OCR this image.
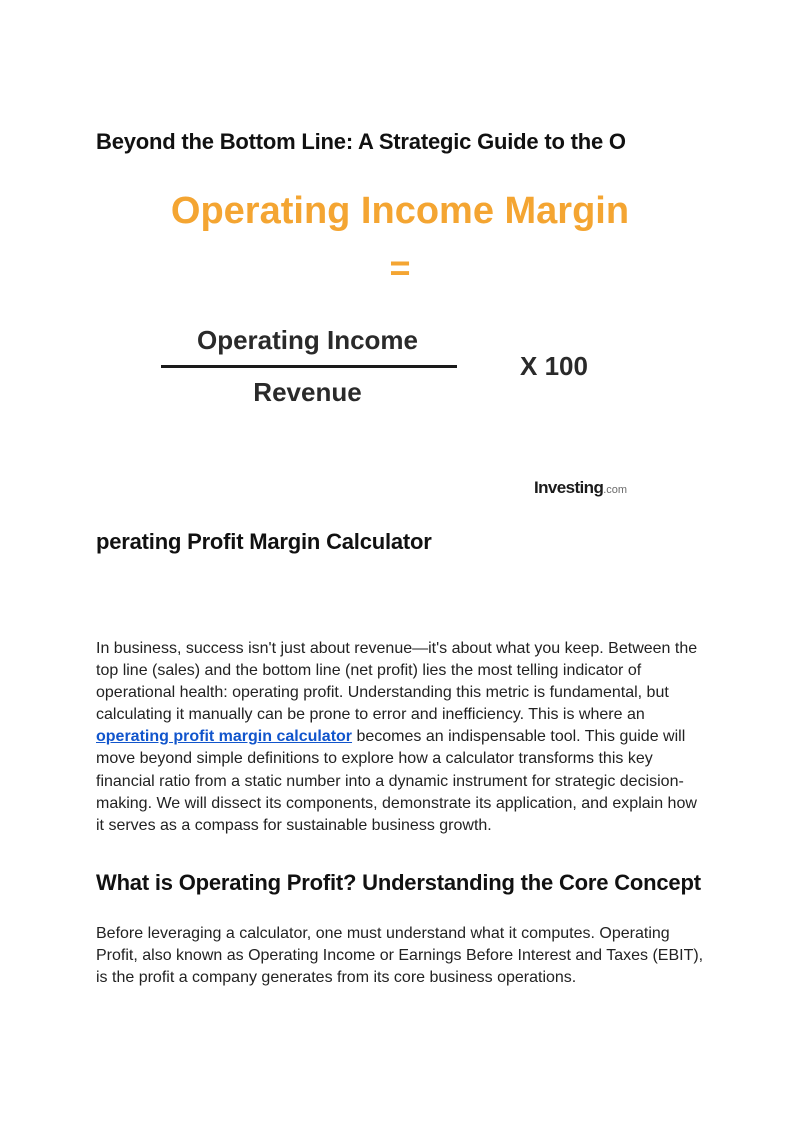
Beyond the Bottom Line: A Strategic Guide to the O
Operating Income Margin
=
Operating Income
Revenue
X 100
Investing.com
perating Profit Margin Calculator

In business, success isn't just about revenue—it's about what you keep. Between the top line (sales) and the bottom line (net profit) lies the most telling indicator of operational health: operating profit. Understanding this metric is fundamental, but calculating it manually can be prone to error and inefficiency. This is where an operating profit margin calculator becomes an indispensable tool. This guide will move beyond simple definitions to explore how a calculator transforms this key financial ratio from a static number into a dynamic instrument for strategic decision-making. We will dissect its components, demonstrate its application, and explain how it serves as a compass for sustainable business growth.

What is Operating Profit? Understanding the Core Concept

Before leveraging a calculator, one must understand what it computes. Operating Profit, also known as Operating Income or Earnings Before Interest and Taxes (EBIT), is the profit a company generates from its core business operations.
